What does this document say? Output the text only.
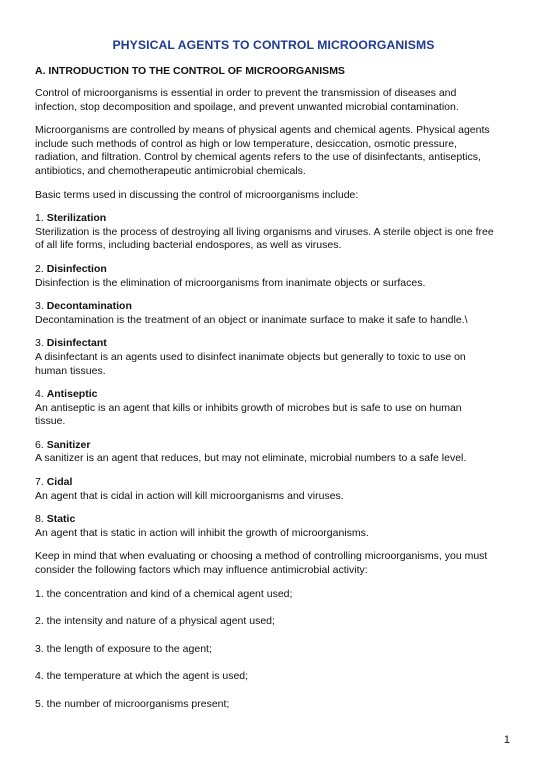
PHYSICAL AGENTS TO CONTROL MICROORGANISMS
A. INTRODUCTION TO THE CONTROL OF MICROORGANISMS

Control of microorganisms is essential in order to prevent the transmission of diseases and infection, stop decomposition and spoilage, and prevent unwanted microbial contamination.

Microorganisms are controlled by means of physical agents and chemical agents. Physical agents include such methods of control as high or low temperature, desiccation, osmotic pressure, radiation, and filtration. Control by chemical agents refers to the use of disinfectants, antiseptics, antibiotics, and chemotherapeutic antimicrobial chemicals.

Basic terms used in discussing the control of microorganisms include:

1. Sterilization
Sterilization is the process of destroying all living organisms and viruses. A sterile object is one free of all life forms, including bacterial endospores, as well as viruses.
2. Disinfection
Disinfection is the elimination of microorganisms from inanimate objects or surfaces.
3. Decontamination
Decontamination is the treatment of an object or inanimate surface to make it safe to handle.\
3. Disinfectant
A disinfectant is an agents used to disinfect inanimate objects but generally to toxic to use on human tissues.
4. Antiseptic
An antiseptic is an agent that kills or inhibits growth of microbes but is safe to use on human tissue.
6. Sanitizer
A sanitizer is an agent that reduces, but may not eliminate, microbial numbers to a safe level.
7. Cidal
An agent that is cidal in action will kill microorganisms and viruses.
8. Static
An agent that is static in action will inhibit the growth of microorganisms.

Keep in mind that when evaluating or choosing a method of controlling microorganisms, you must consider the following factors which may influence antimicrobial activity:

1. the concentration and kind of a chemical agent used;
2. the intensity and nature of a physical agent used;
3. the length of exposure to the agent;
4. the temperature at which the agent is used;
5. the number of microorganisms present;
1
